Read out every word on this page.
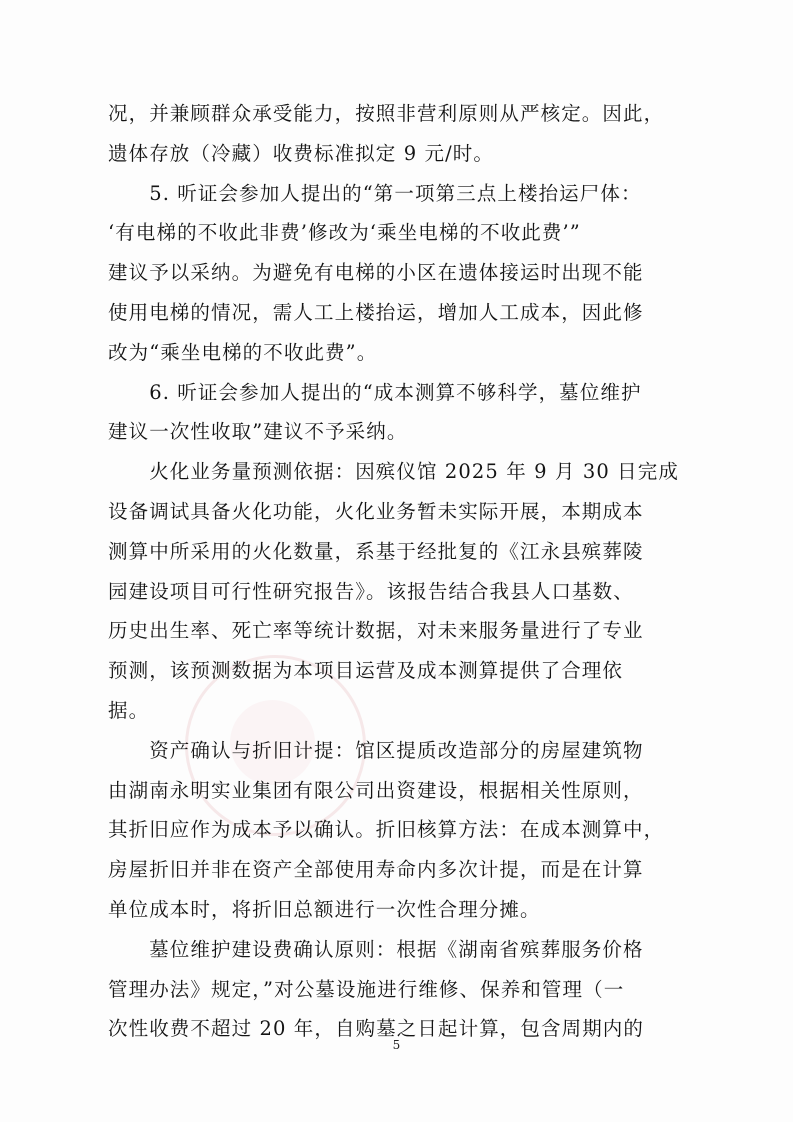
况，并兼顾群众承受能力，按照非营利原则从严核定。因此，
遗体存放（冷藏）收费标准拟定 9 元/时。
　　5. 听证会参加人提出的“第一项第三点上楼抬运尸体：
‘有电梯的不收此非费’修改为‘乘坐电梯的不收此费’”
建议予以采纳。为避免有电梯的小区在遗体接运时出现不能
使用电梯的情况，需人工上楼抬运，增加人工成本，因此修
改为“乘坐电梯的不收此费”。
　　6. 听证会参加人提出的“成本测算不够科学，墓位维护
建议一次性收取”建议不予采纳。
　　火化业务量预测依据：因殡仪馆 2025 年 9 月 30 日完成
设备调试具备火化功能，火化业务暂未实际开展，本期成本
测算中所采用的火化数量，系基于经批复的《江永县殡葬陵
园建设项目可行性研究报告》。该报告结合我县人口基数、
历史出生率、死亡率等统计数据，对未来服务量进行了专业
预测，该预测数据为本项目运营及成本测算提供了合理依
据。
　　资产确认与折旧计提：馆区提质改造部分的房屋建筑物
由湖南永明实业集团有限公司出资建设，根据相关性原则，
其折旧应作为成本予以确认。折旧核算方法：在成本测算中，
房屋折旧并非在资产全部使用寿命内多次计提，而是在计算
单位成本时，将折旧总额进行一次性合理分摊。
　　墓位维护建设费确认原则：根据《湖南省殡葬服务价格
管理办法》规定，”对公墓设施进行维修、保养和管理（一
次性收费不超过 20 年，自购墓之日起计算，包含周期内的
5
